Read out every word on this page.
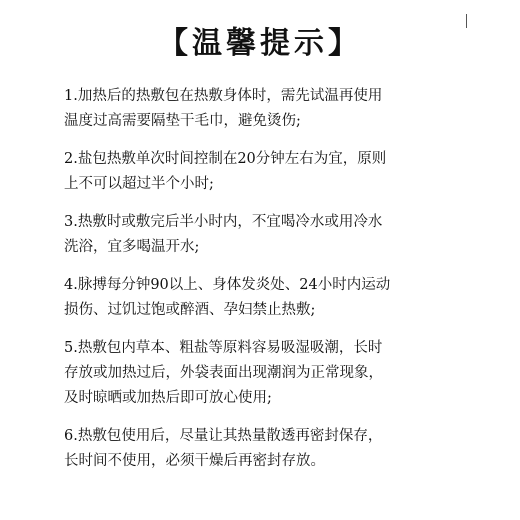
【温馨提示】
1.加热后的热敷包在热敷身体时，需先试温再使用
温度过高需要隔垫干毛巾，避免烫伤;
2.盐包热敷单次时间控制在20分钟左右为宜，原则
上不可以超过半个小时;
3.热敷时或敷完后半小时内，不宜喝冷水或用冷水
洗浴，宜多喝温开水;
4.脉搏每分钟90以上、身体发炎处、24小时内运动
损伤、过饥过饱或醉酒、孕妇禁止热敷;
5.热敷包内草本、粗盐等原料容易吸湿吸潮，长时
存放或加热过后，外袋表面出现潮润为正常现象，
及时晾晒或加热后即可放心使用;
6.热敷包使用后，尽量让其热量散透再密封保存，
长时间不使用，必须干燥后再密封存放。
